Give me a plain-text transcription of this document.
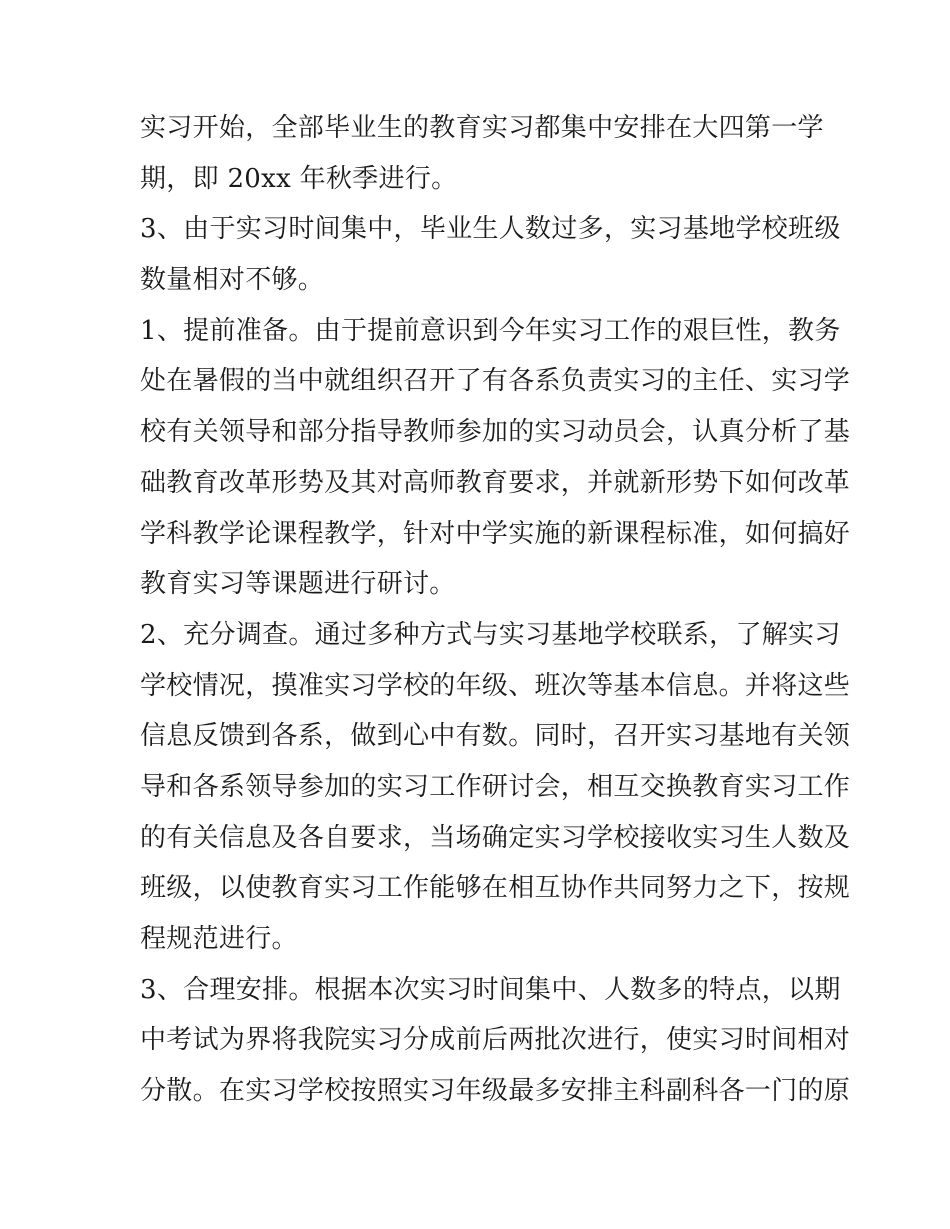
实习开始，全部毕业生的教育实习都集中安排在大四第一学
期，即 20xx 年秋季进行。
3、由于实习时间集中，毕业生人数过多，实习基地学校班级
数量相对不够。
1、提前准备。由于提前意识到今年实习工作的艰巨性，教务
处在暑假的当中就组织召开了有各系负责实习的主任、实习学
校有关领导和部分指导教师参加的实习动员会，认真分析了基
础教育改革形势及其对高师教育要求，并就新形势下如何改革
学科教学论课程教学，针对中学实施的新课程标准，如何搞好
教育实习等课题进行研讨。
2、充分调查。通过多种方式与实习基地学校联系，了解实习
学校情况，摸准实习学校的年级、班次等基本信息。并将这些
信息反馈到各系，做到心中有数。同时，召开实习基地有关领
导和各系领导参加的实习工作研讨会，相互交换教育实习工作
的有关信息及各自要求，当场确定实习学校接收实习生人数及
班级，以使教育实习工作能够在相互协作共同努力之下，按规
程规范进行。
3、合理安排。根据本次实习时间集中、人数多的特点，以期
中考试为界将我院实习分成前后两批次进行，使实习时间相对
分散。在实习学校按照实习年级最多安排主科副科各一门的原
